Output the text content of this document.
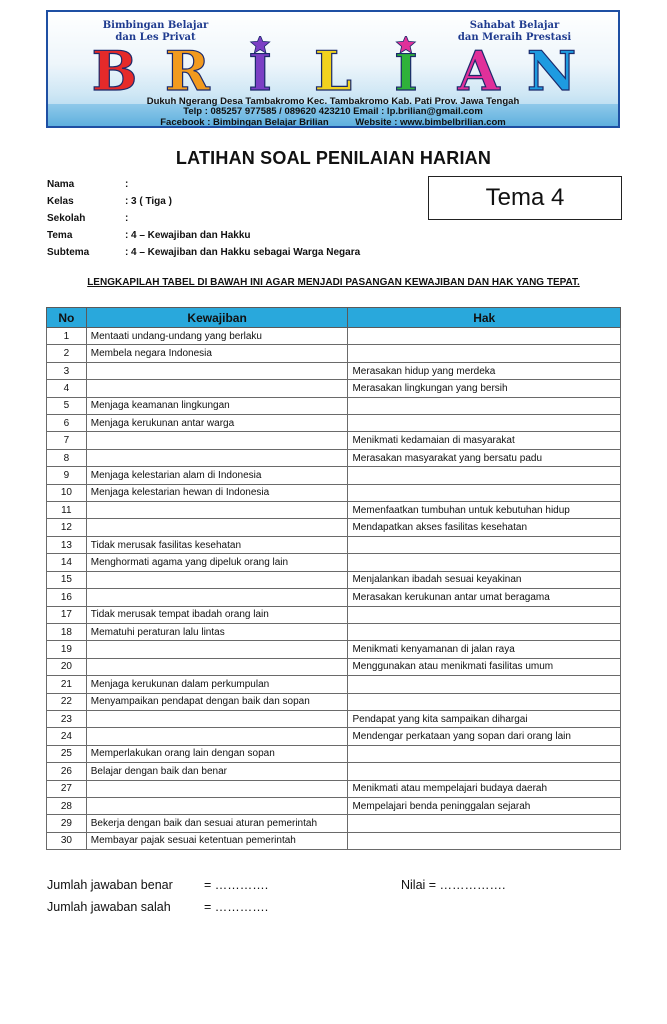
Bimbingan Belajar
dan Les Privat
Sahabat Belajar
dan Meraih Prestasi
B R I L I A N
Dukuh Ngerang Desa Tambakromo Kec. Tambakromo Kab. Pati Prov. Jawa Tengah
Telp : 085257 977585 / 089620 423210 Email : lp.brilian@gmail.com
Facebook : Bimbingan Belajar Brilian	Website : www.bimbelbrilian.com
LATIHAN SOAL PENILAIAN HARIAN
Nama	:
Kelas	: 3 ( Tiga )
Sekolah	:
Tema	: 4 – Kewajiban dan Hakku
Subtema	: 4 – Kewajiban dan Hakku sebagai Warga Negara
Tema 4
LENGKAPILAH TABEL DI BAWAH INI AGAR MENJADI PASANGAN KEWAJIBAN DAN HAK YANG TEPAT.
No	Kewajiban	Hak
1	Mentaati undang-undang yang berlaku	
2	Membela negara Indonesia	
3		Merasakan hidup yang merdeka
4		Merasakan lingkungan yang bersih
5	Menjaga keamanan lingkungan	
6	Menjaga kerukunan antar warga	
7		Menikmati kedamaian di masyarakat
8		Merasakan masyarakat yang bersatu padu
9	Menjaga kelestarian alam di Indonesia	
10	Menjaga kelestarian hewan di Indonesia	
11		Memenfaatkan tumbuhan untuk kebutuhan hidup
12		Mendapatkan akses fasilitas kesehatan
13	Tidak merusak fasilitas kesehatan	
14	Menghormati agama yang dipeluk orang lain	
15		Menjalankan ibadah sesuai keyakinan
16		Merasakan kerukunan antar umat beragama
17	Tidak merusak tempat ibadah orang lain	
18	Mematuhi peraturan lalu lintas	
19		Menikmati kenyamanan di jalan raya
20		Menggunakan atau menikmati fasilitas umum
21	Menjaga kerukunan dalam perkumpulan	
22	Menyampaikan pendapat dengan baik dan sopan	
23		Pendapat yang kita sampaikan dihargai
24		Mendengar perkataan yang sopan dari orang lain
25	Memperlakukan orang lain dengan sopan	
26	Belajar dengan baik dan benar	
27		Menikmati atau mempelajari budaya daerah
28		Mempelajari benda peninggalan sejarah
29	Bekerja dengan baik dan sesuai aturan pemerintah	
30	Membayar pajak sesuai ketentuan pemerintah	
Jumlah jawaban benar = ………….
Jumlah jawaban salah	= ………….
Nilai = …………….
